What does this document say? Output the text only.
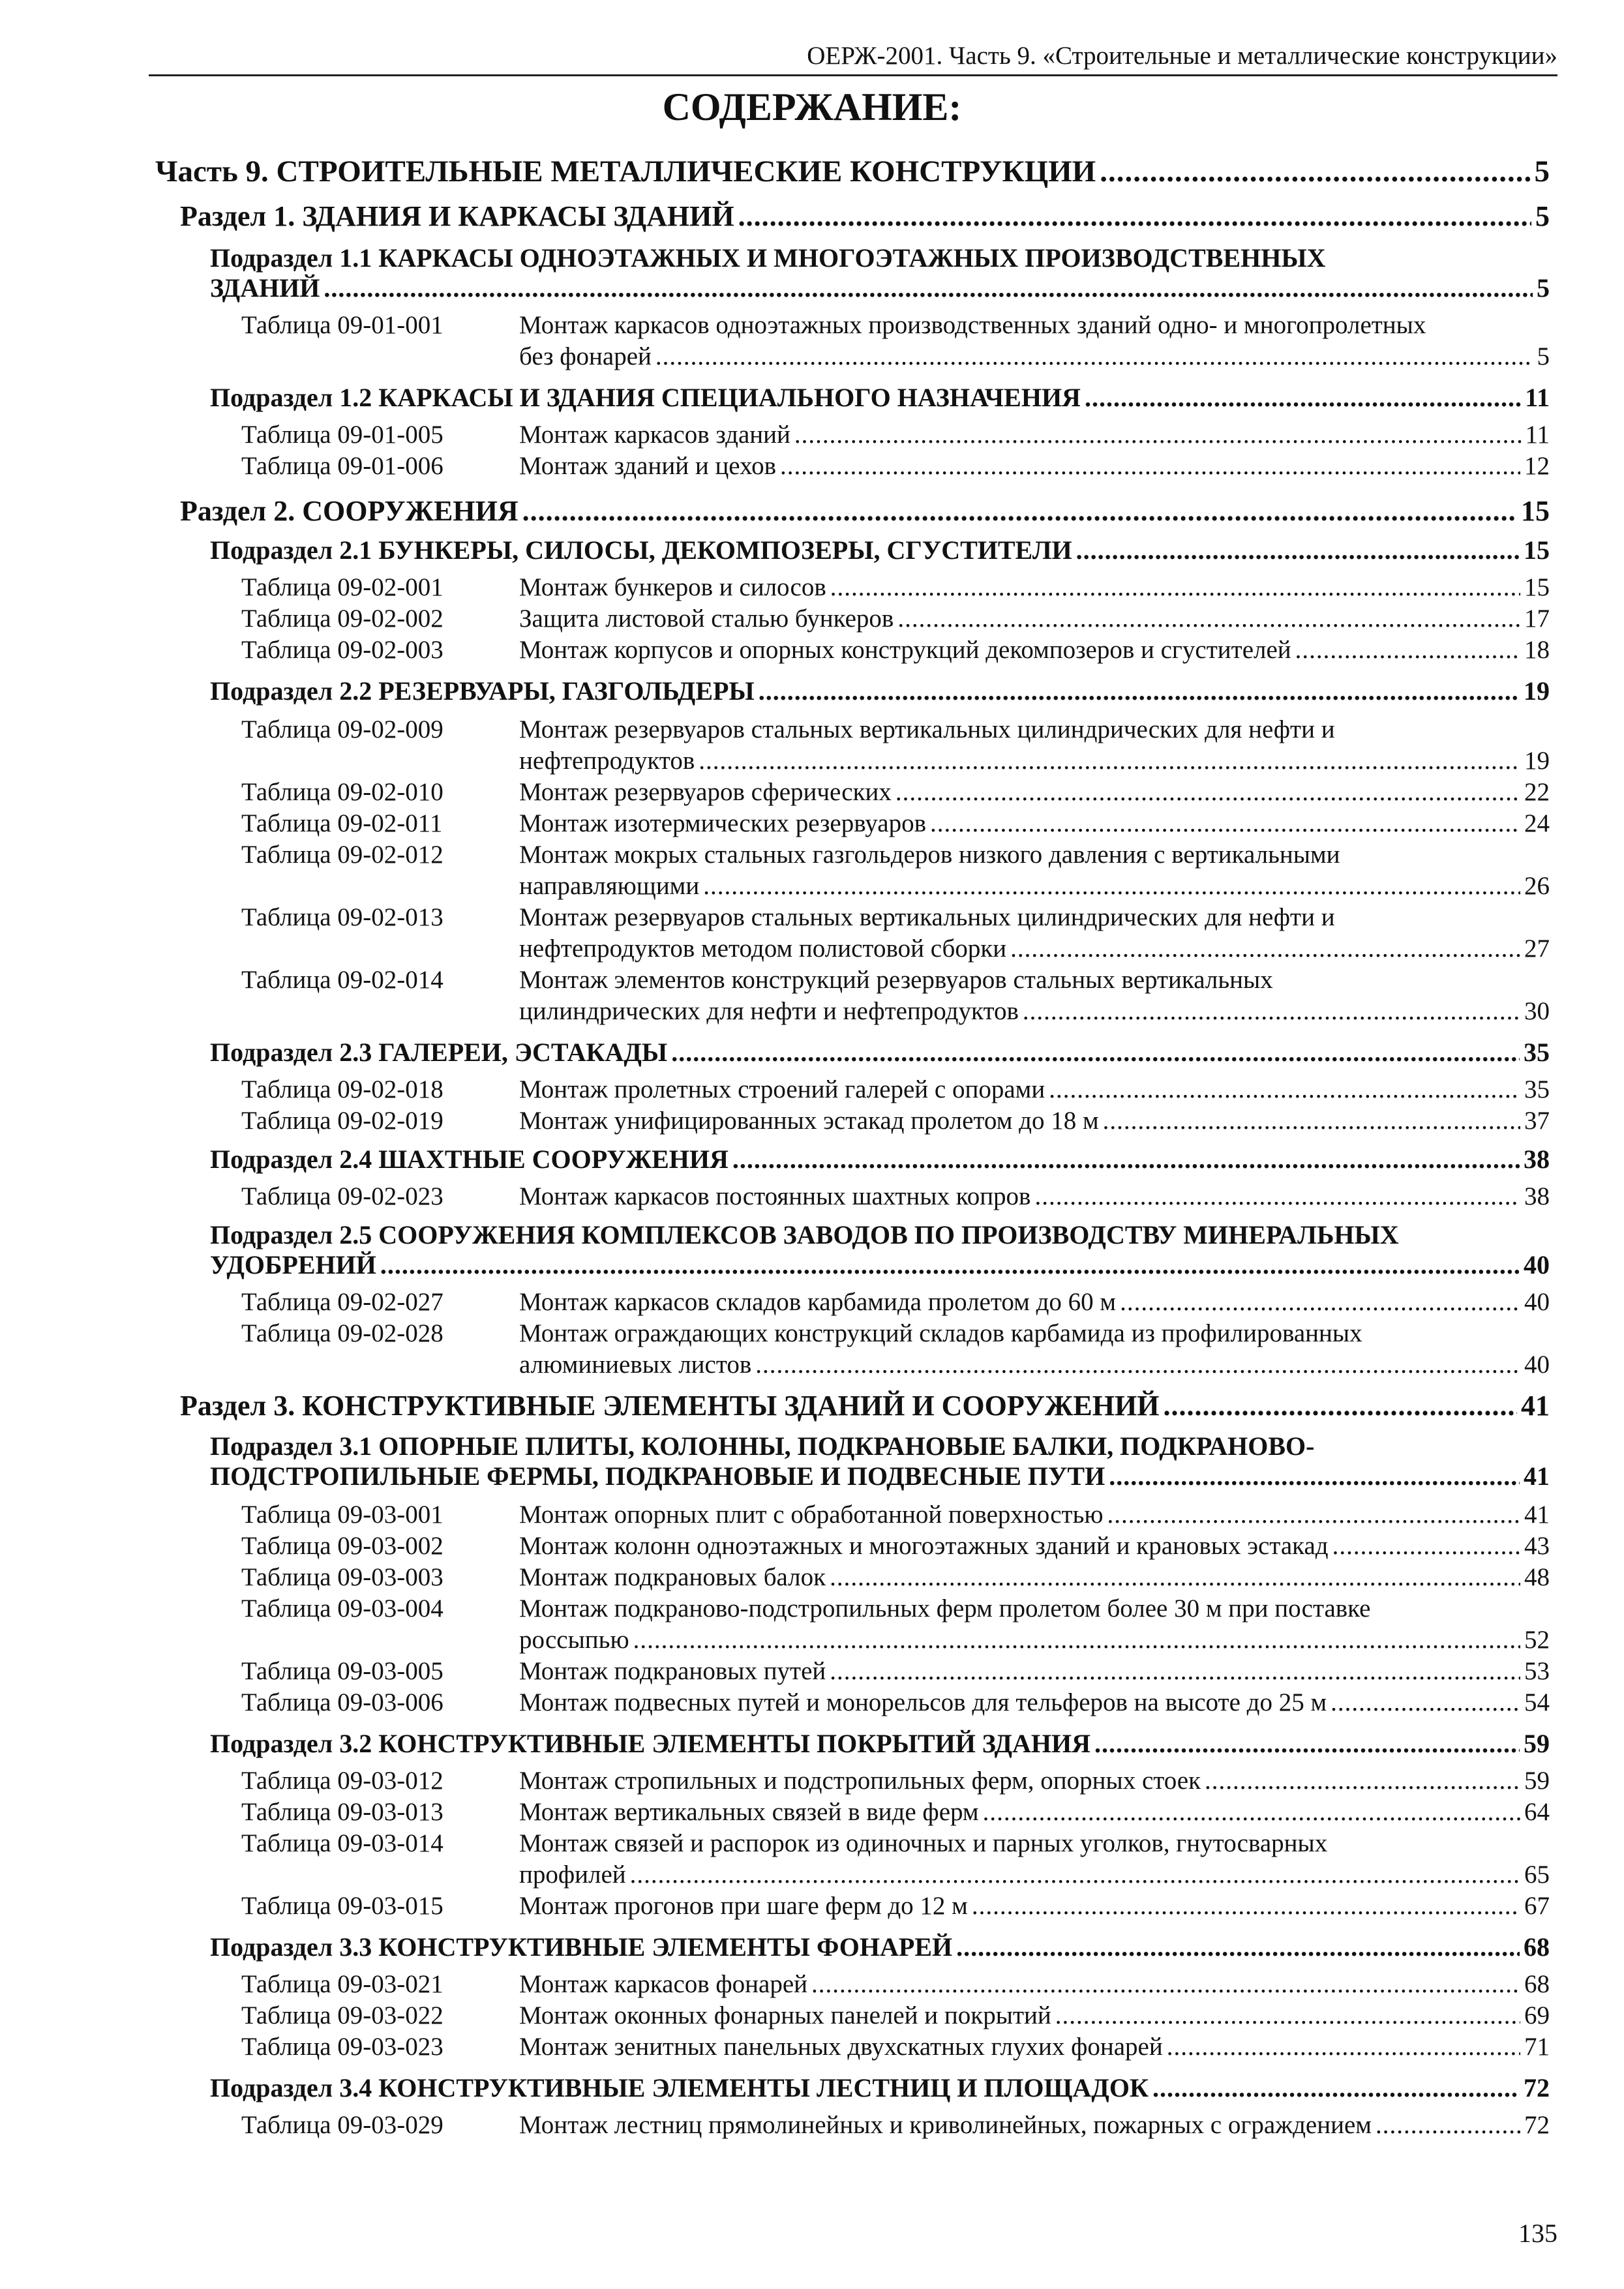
ОЕРЖ-2001. Часть 9. «Строительные и металлические конструкции»
СОДЕРЖАНИЕ:
Часть 9. СТРОИТЕЛЬНЫЕ МЕТАЛЛИЧЕСКИЕ КОНСТРУКЦИИ .....	5
Раздел 1. ЗДАНИЯ И КАРКАСЫ ЗДАНИЙ .....	5
Подраздел 1.1 КАРКАСЫ ОДНОЭТАЖНЫХ И МНОГОЭТАЖНЫХ ПРОИЗВОДСТВЕННЫХ
ЗДАНИЙ .....	5
Таблица 09-01-001	Монтаж каркасов одноэтажных производственных зданий одно- и многопролетных
без фонарей .....	5
Подраздел 1.2 КАРКАСЫ И ЗДАНИЯ СПЕЦИАЛЬНОГО НАЗНАЧЕНИЯ .....	11
Таблица 09-01-005	Монтаж каркасов зданий .....	11
Таблица 09-01-006	Монтаж зданий и цехов .....	12
Раздел 2. СООРУЖЕНИЯ .....	15
Подраздел 2.1 БУНКЕРЫ, СИЛОСЫ, ДЕКОМПОЗЕРЫ, СГУСТИТЕЛИ .....	15
Таблица 09-02-001	Монтаж бункеров и силосов .....	15
Таблица 09-02-002	Защита листовой сталью бункеров .....	17
Таблица 09-02-003	Монтаж корпусов и опорных конструкций декомпозеров и сгустителей .....	18
Подраздел 2.2 РЕЗЕРВУАРЫ, ГАЗГОЛЬДЕРЫ .....	19
Таблица 09-02-009	Монтаж резервуаров стальных вертикальных цилиндрических для нефти и
нефтепродуктов .....	19
Таблица 09-02-010	Монтаж резервуаров сферических .....	22
Таблица 09-02-011	Монтаж изотермических резервуаров .....	24
Таблица 09-02-012	Монтаж мокрых стальных газгольдеров низкого давления с вертикальными
направляющими .....	26
Таблица 09-02-013	Монтаж резервуаров стальных вертикальных цилиндрических для нефти и
нефтепродуктов методом полистовой сборки .....	27
Таблица 09-02-014	Монтаж элементов конструкций резервуаров стальных вертикальных
цилиндрических для нефти и нефтепродуктов .....	30
Подраздел 2.3 ГАЛЕРЕИ, ЭСТАКАДЫ .....	35
Таблица 09-02-018	Монтаж пролетных строений галерей с опорами .....	35
Таблица 09-02-019	Монтаж унифицированных эстакад пролетом до 18 м .....	37
Подраздел 2.4 ШАХТНЫЕ СООРУЖЕНИЯ .....	38
Таблица 09-02-023	Монтаж каркасов постоянных шахтных копров .....	38
Подраздел 2.5 СООРУЖЕНИЯ КОМПЛЕКСОВ ЗАВОДОВ ПО ПРОИЗВОДСТВУ МИНЕРАЛЬНЫХ
УДОБРЕНИЙ .....	40
Таблица 09-02-027	Монтаж каркасов складов карбамида пролетом до 60 м .....	40
Таблица 09-02-028	Монтаж ограждающих конструкций складов карбамида из профилированных
алюминиевых листов .....	40
Раздел 3. КОНСТРУКТИВНЫЕ ЭЛЕМЕНТЫ ЗДАНИЙ И СООРУЖЕНИЙ .....	41
Подраздел 3.1 ОПОРНЫЕ ПЛИТЫ, КОЛОННЫ, ПОДКРАНОВЫЕ БАЛКИ, ПОДКРАНОВО-
ПОДСТРОПИЛЬНЫЕ ФЕРМЫ, ПОДКРАНОВЫЕ И ПОДВЕСНЫЕ ПУТИ .....	41
Таблица 09-03-001	Монтаж опорных плит с обработанной поверхностью .....	41
Таблица 09-03-002	Монтаж колонн одноэтажных и многоэтажных зданий и крановых эстакад .....	43
Таблица 09-03-003	Монтаж подкрановых балок .....	48
Таблица 09-03-004	Монтаж подкраново-подстропильных ферм пролетом более 30 м при поставке
россыпью .....	52
Таблица 09-03-005	Монтаж подкрановых путей .....	53
Таблица 09-03-006	Монтаж подвесных путей и монорельсов для тельферов на высоте до 25 м .....	54
Подраздел 3.2 КОНСТРУКТИВНЫЕ ЭЛЕМЕНТЫ ПОКРЫТИЙ ЗДАНИЯ .....	59
Таблица 09-03-012	Монтаж стропильных и подстропильных ферм, опорных стоек .....	59
Таблица 09-03-013	Монтаж вертикальных связей в виде ферм .....	64
Таблица 09-03-014	Монтаж связей и распорок из одиночных и парных уголков, гнутосварных
профилей .....	65
Таблица 09-03-015	Монтаж прогонов при шаге ферм до 12 м .....	67
Подраздел 3.3 КОНСТРУКТИВНЫЕ ЭЛЕМЕНТЫ ФОНАРЕЙ .....	68
Таблица 09-03-021	Монтаж каркасов фонарей .....	68
Таблица 09-03-022	Монтаж оконных фонарных панелей и покрытий .....	69
Таблица 09-03-023	Монтаж зенитных панельных двухскатных глухих фонарей .....	71
Подраздел 3.4 КОНСТРУКТИВНЫЕ ЭЛЕМЕНТЫ ЛЕСТНИЦ И ПЛОЩАДОК .....	72
Таблица 09-03-029	Монтаж лестниц прямолинейных и криволинейных, пожарных с ограждением .....	72
135
